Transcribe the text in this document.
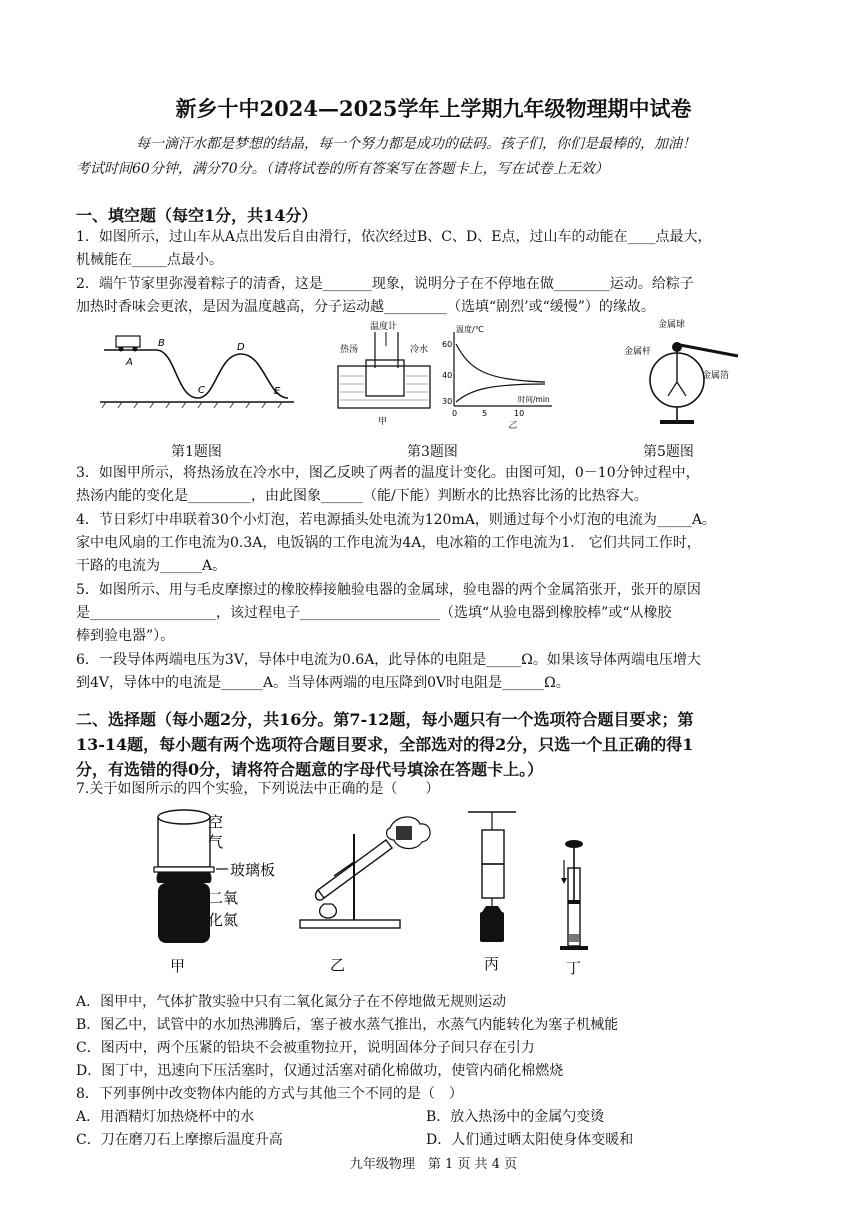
新乡十中2024—2025学年上学期九年级物理期中试卷
每一滴汗水都是梦想的结晶，每一个努力都是成功的砝码。孩子们，你们是最棒的，加油！
考试时间60分钟，满分70分。（请将试卷的所有答案写在答题卡上，写在试卷上无效）
一、填空题（每空1分，共14分）
1．如图所示，过山车从A点出发后自由滑行，依次经过B、C、D、E点，过山车的动能在____点最大，
机械能在_____点最小。
2．端午节家里弥漫着粽子的清香，这是_______现象，说明分子在不停地在做________运动。给粽子
加热时香味会更浓，是因为温度越高，分子运动越_________（选填“剧烈’或“缓慢”）的缘故。
A
B
C
D
E
第1题图
温度计
热汤	冷水
甲
温度/℃
时间/min
60
40
30
0	5	10
乙
第3题图
金属球
金属杆
金属箔
第5题图
3．如图甲所示，将热汤放在冷水中，图乙反映了两者的温度计变化。由图可知，0－10分钟过程中，
热汤内能的变化是_________，由此图象______（能/下能）判断水的比热容比汤的比热容大。
4．节日彩灯中串联着30个小灯泡，若电源插头处电流为120mA，则通过每个小灯泡的电流为_____A。
家中电风扇的工作电流为0.3A，电饭锅的工作电流为4A，电冰箱的工作电流为1.　它们共同工作时，
干路的电流为______A。
5．如图所示、用与毛皮摩擦过的橡胶棒接触验电器的金属球，验电器的两个金属箔张开，张开的原因
是__________________，该过程电子____________________（选填“从验电器到橡胶棒”或“从橡胶
棒到验电器”）。
6．一段导体两端电压为3V，导体中电流为0.6A，此导体的电阻是_____Ω。如果该导体两端电压增大
到4V，导体中的电流是______A。当导体两端的电压降到0V时电阻是______Ω。
二、选择题（每小题2分，共16分。第7-12题，每小题只有一个选项符合题目要求；第
13-14题，每小题有两个选项符合题目要求，全部选对的得2分，只选一个且正确的得1
分，有选错的得0分，请将符合题意的字母代号填涂在答题卡上。）
7.关于如图所示的四个实验，下列说法中正确的是（　　）
空
气
玻璃板
二氧
化氮
甲	乙	丙	丁
A．图甲中，气体扩散实验中只有二氧化氮分子在不停地做无规则运动
B．图乙中，试管中的水加热沸腾后，塞子被水蒸气推出，水蒸气内能转化为塞子机械能
C．图丙中，两个压紧的铅块不会被重物拉开，说明固体分子间只存在引力
D．图丁中，迅速向下压活塞时，仅通过活塞对硝化棉做功，使管内硝化棉燃烧
8．下列事例中改变物体内能的方式与其他三个不同的是（　）
A．用酒精灯加热烧杯中的水	B．放入热汤中的金属勺变烫
C．刀在磨刀石上摩擦后温度升高	D．人们通过晒太阳使身体变暖和
九年级物理　第 1 页 共 4 页
